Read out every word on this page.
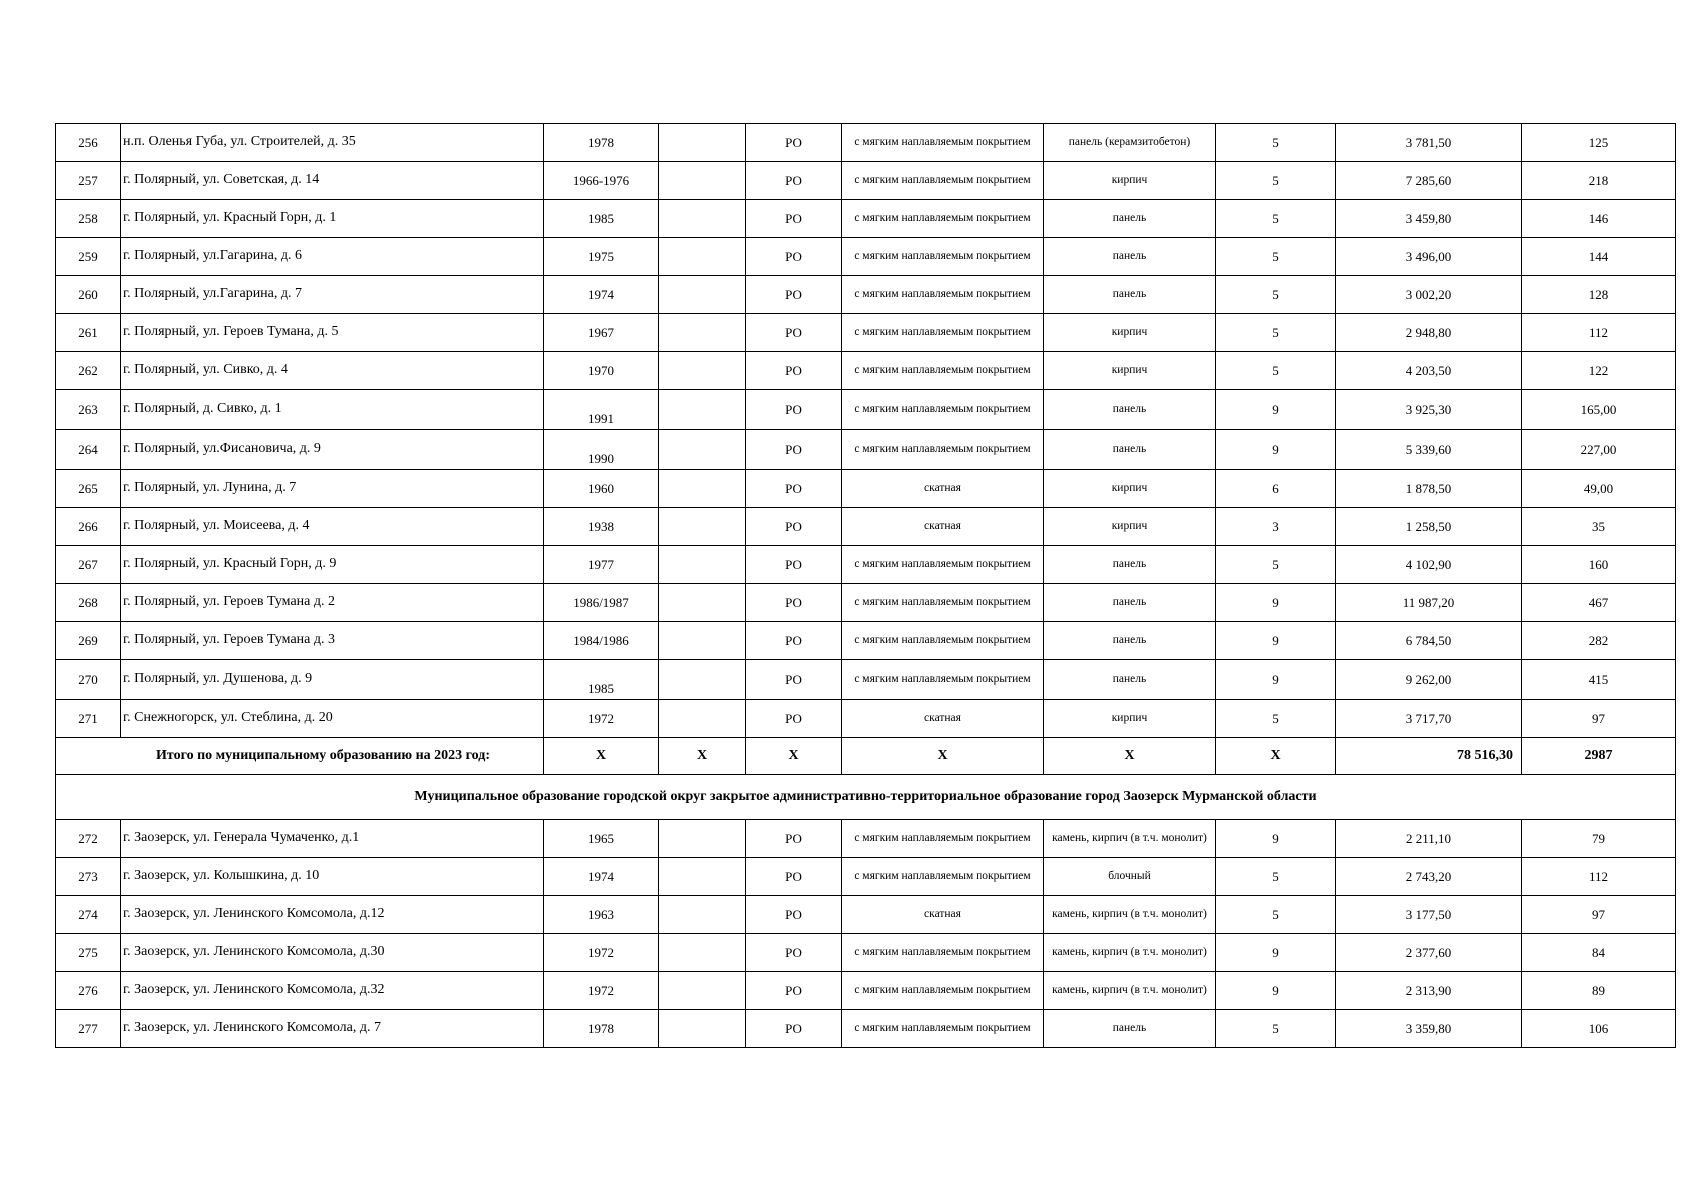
256	н.п. Оленья Губа, ул. Строителей, д. 35	1978		РО	с мягким наплавляемым покрытием	панель (керамзитобетон)	5	3 781,50	125
257	г. Полярный, ул. Советская, д. 14	1966-1976		РО	с мягким наплавляемым покрытием	кирпич	5	7 285,60	218
258	г. Полярный, ул. Красный Горн, д. 1	1985		РО	с мягким наплавляемым покрытием	панель	5	3 459,80	146
259	г. Полярный, ул.Гагарина, д. 6	1975		РО	с мягким наплавляемым покрытием	панель	5	3 496,00	144
260	г. Полярный, ул.Гагарина, д. 7	1974		РО	с мягким наплавляемым покрытием	панель	5	3 002,20	128
261	г. Полярный, ул. Героев Тумана, д. 5	1967		РО	с мягким наплавляемым покрытием	кирпич	5	2 948,80	112
262	г. Полярный, ул. Сивко, д. 4	1970		РО	с мягким наплавляемым покрытием	кирпич	5	4 203,50	122
263	г. Полярный, д. Сивко, д. 1	1991		РО	с мягким наплавляемым покрытием	панель	9	3 925,30	165,00
264	г. Полярный, ул.Фисановича, д. 9	1990		РО	с мягким наплавляемым покрытием	панель	9	5 339,60	227,00
265	г. Полярный, ул. Лунина, д. 7	1960		РО	скатная	кирпич	6	1 878,50	49,00
266	г. Полярный, ул. Моисеева, д. 4	1938		РО	скатная	кирпич	3	1 258,50	35
267	г. Полярный, ул. Красный Горн, д. 9	1977		РО	с мягким наплавляемым покрытием	панель	5	4 102,90	160
268	г. Полярный, ул. Героев Тумана д. 2	1986/1987		РО	с мягким наплавляемым покрытием	панель	9	11 987,20	467
269	г. Полярный, ул. Героев Тумана д. 3	1984/1986		РО	с мягким наплавляемым покрытием	панель	9	6 784,50	282
270	г. Полярный, ул. Душенова, д. 9	1985		РО	с мягким наплавляемым покрытием	панель	9	9 262,00	415
271	г. Снежногорск, ул. Стеблина, д. 20	1972		РО	скатная	кирпич	5	3 717,70	97
Итого по муниципальному образованию на 2023 год:		X	X	X	X	X	X	78 516,30	2987
Муниципальное образование городской округ закрытое административно-территориальное образование город Заозерск Мурманской области									
272	г. Заозерск, ул. Генерала Чумаченко, д.1	1965		РО	с мягким наплавляемым покрытием	камень, кирпич (в т.ч. монолит)	9	2 211,10	79
273	г. Заозерск, ул. Колышкина, д. 10	1974		РО	с мягким наплавляемым покрытием	блочный	5	2 743,20	112
274	г. Заозерск, ул. Ленинского Комсомола, д.12	1963		РО	скатная	камень, кирпич (в т.ч. монолит)	5	3 177,50	97
275	г. Заозерск, ул. Ленинского Комсомола, д.30	1972		РО	с мягким наплавляемым покрытием	камень, кирпич (в т.ч. монолит)	9	2 377,60	84
276	г. Заозерск, ул. Ленинского Комсомола, д.32	1972		РО	с мягким наплавляемым покрытием	камень, кирпич (в т.ч. монолит)	9	2 313,90	89
277	г. Заозерск, ул. Ленинского Комсомола, д. 7	1978		РО	с мягким наплавляемым покрытием	панель	5	3 359,80	106
